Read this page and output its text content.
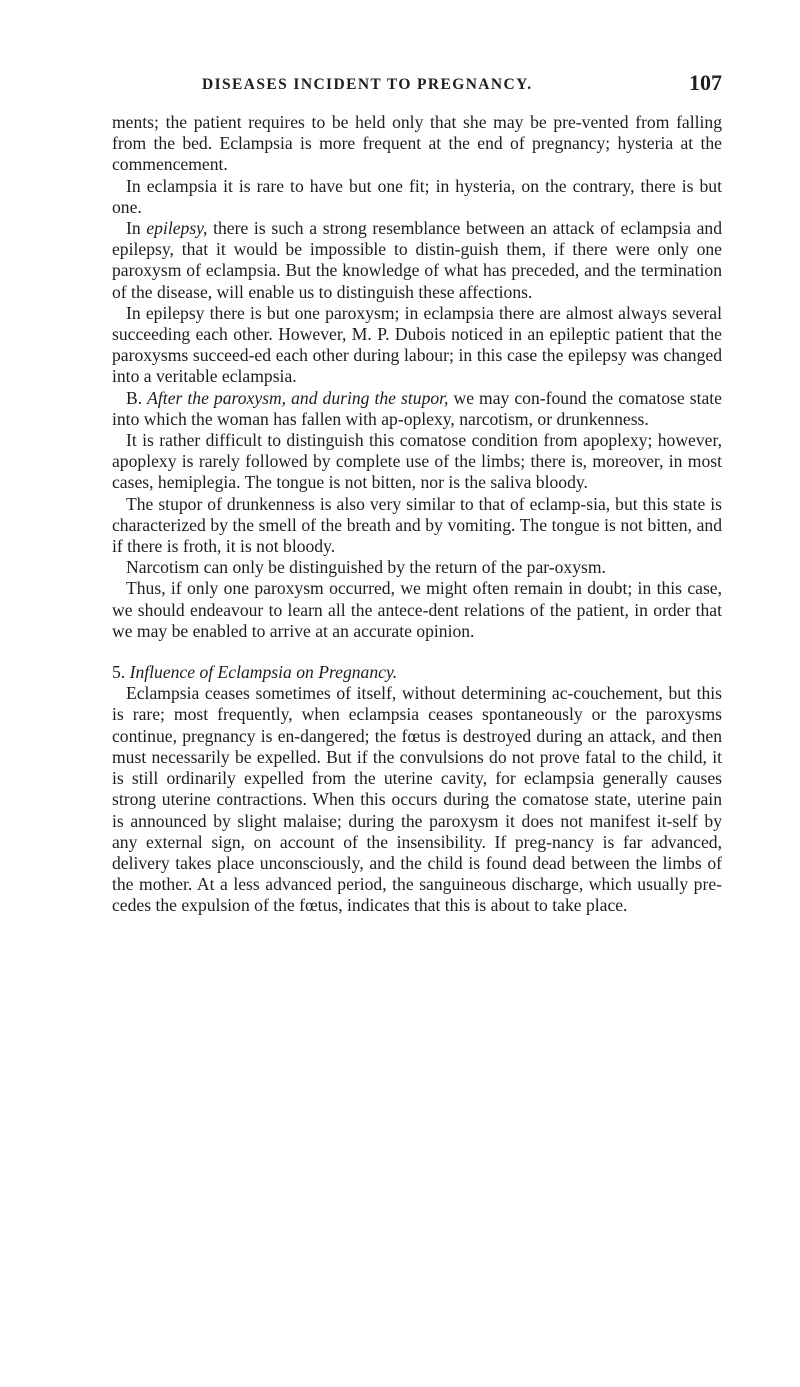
DISEASES INCIDENT TO PREGNANCY.	107

ments; the patient requires to be held only that she may be pre-vented from falling from the bed. Eclampsia is more frequent at the end of pregnancy; hysteria at the commencement.

In eclampsia it is rare to have but one fit; in hysteria, on the contrary, there is but one.

In epilepsy, there is such a strong resemblance between an attack of eclampsia and epilepsy, that it would be impossible to distin-guish them, if there were only one paroxysm of eclampsia. But the knowledge of what has preceded, and the termination of the disease, will enable us to distinguish these affections.

In epilepsy there is but one paroxysm; in eclampsia there are almost always several succeeding each other. However, M. P. Dubois noticed in an epileptic patient that the paroxysms succeed-ed each other during labour; in this case the epilepsy was changed into a veritable eclampsia.

B. After the paroxysm, and during the stupor, we may con-found the comatose state into which the woman has fallen with ap-oplexy, narcotism, or drunkenness.

It is rather difficult to distinguish this comatose condition from apoplexy; however, apoplexy is rarely followed by complete use of the limbs; there is, moreover, in most cases, hemiplegia. The tongue is not bitten, nor is the saliva bloody.

The stupor of drunkenness is also very similar to that of eclamp-sia, but this state is characterized by the smell of the breath and by vomiting. The tongue is not bitten, and if there is froth, it is not bloody.

Narcotism can only be distinguished by the return of the par-oxysm.

Thus, if only one paroxysm occurred, we might often remain in doubt; in this case, we should endeavour to learn all the antece-dent relations of the patient, in order that we may be enabled to arrive at an accurate opinion.

5. Influence of Eclampsia on Pregnancy.

Eclampsia ceases sometimes of itself, without determining ac-couchement, but this is rare; most frequently, when eclampsia ceases spontaneously or the paroxysms continue, pregnancy is en-dangered; the fœtus is destroyed during an attack, and then must necessarily be expelled. But if the convulsions do not prove fatal to the child, it is still ordinarily expelled from the uterine cavity, for eclampsia generally causes strong uterine contractions. When this occurs during the comatose state, uterine pain is announced by slight malaise; during the paroxysm it does not manifest it-self by any external sign, on account of the insensibility. If preg-nancy is far advanced, delivery takes place unconsciously, and the child is found dead between the limbs of the mother. At a less advanced period, the sanguineous discharge, which usually pre-cedes the expulsion of the fœtus, indicates that this is about to take place.
